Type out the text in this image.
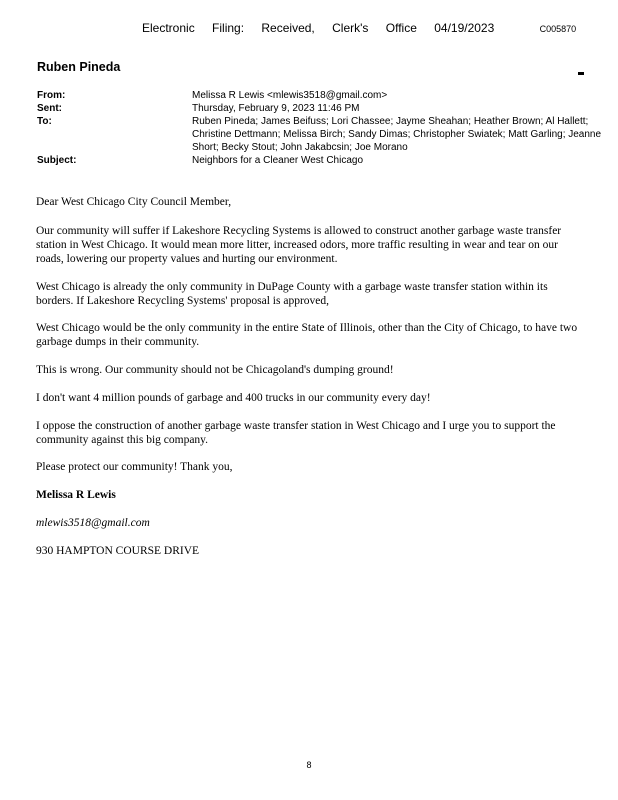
Electronic Filing: Received, Clerk's Office 04/19/2023	C005870
Ruben Pineda
From:	Melissa R Lewis <mlewis3518@gmail.com>
Sent:	Thursday, February 9, 2023 11:46 PM
To:	Ruben Pineda; James Beifuss; Lori Chassee; Jayme Sheahan; Heather Brown; Al Hallett; Christine Dettmann; Melissa Birch; Sandy Dimas; Christopher Swiatek; Matt Garling; Jeanne Short; Becky Stout; John Jakabcsin; Joe Morano
Subject:	Neighbors for a Cleaner West Chicago

Dear West Chicago City Council Member,

Our community will suffer if Lakeshore Recycling Systems is allowed to construct another garbage waste transfer station in West Chicago. It would mean more litter, increased odors, more traffic resulting in wear and tear on our roads, lowering our property values and hurting our environment.

West Chicago is already the only community in DuPage County with a garbage waste transfer station within its borders. If Lakeshore Recycling Systems' proposal is approved,

West Chicago would be the only community in the entire State of Illinois, other than the City of Chicago, to have two garbage dumps in their community.

This is wrong. Our community should not be Chicagoland's dumping ground!

I don't want 4 million pounds of garbage and 400 trucks in our community every day!

I oppose the construction of another garbage waste transfer station in West Chicago and I urge you to support the community against this big company.

Please protect our community! Thank you,

Melissa R Lewis
mlewis3518@gmail.com
930 HAMPTON COURSE DRIVE
8
